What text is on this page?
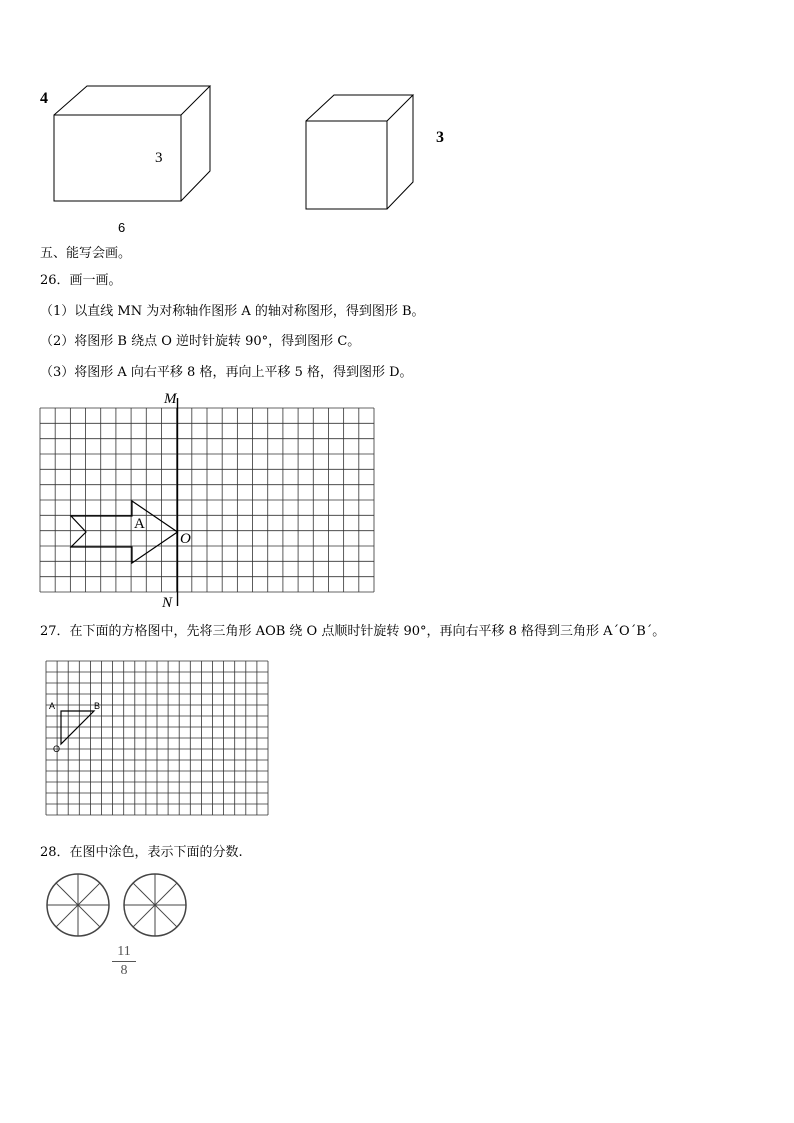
4
3
6
3
五、能写会画。
26．画一画。
（1）以直线 MN 为对称轴作图形 A 的轴对称图形，得到图形 B。
（2）将图形 B 绕点 O 逆时针旋转 90°，得到图形 C。
（3）将图形 A 向右平移 8 格，再向上平移 5 格，得到图形 D。
M
N
O
A
27．在下面的方格图中，先将三角形 AOB 绕 O 点顺时针旋转 90°，再向右平移 8 格得到三角形 A´O´B´。
A	B
O
28．在图中涂色，表示下面的分数.
11
8
